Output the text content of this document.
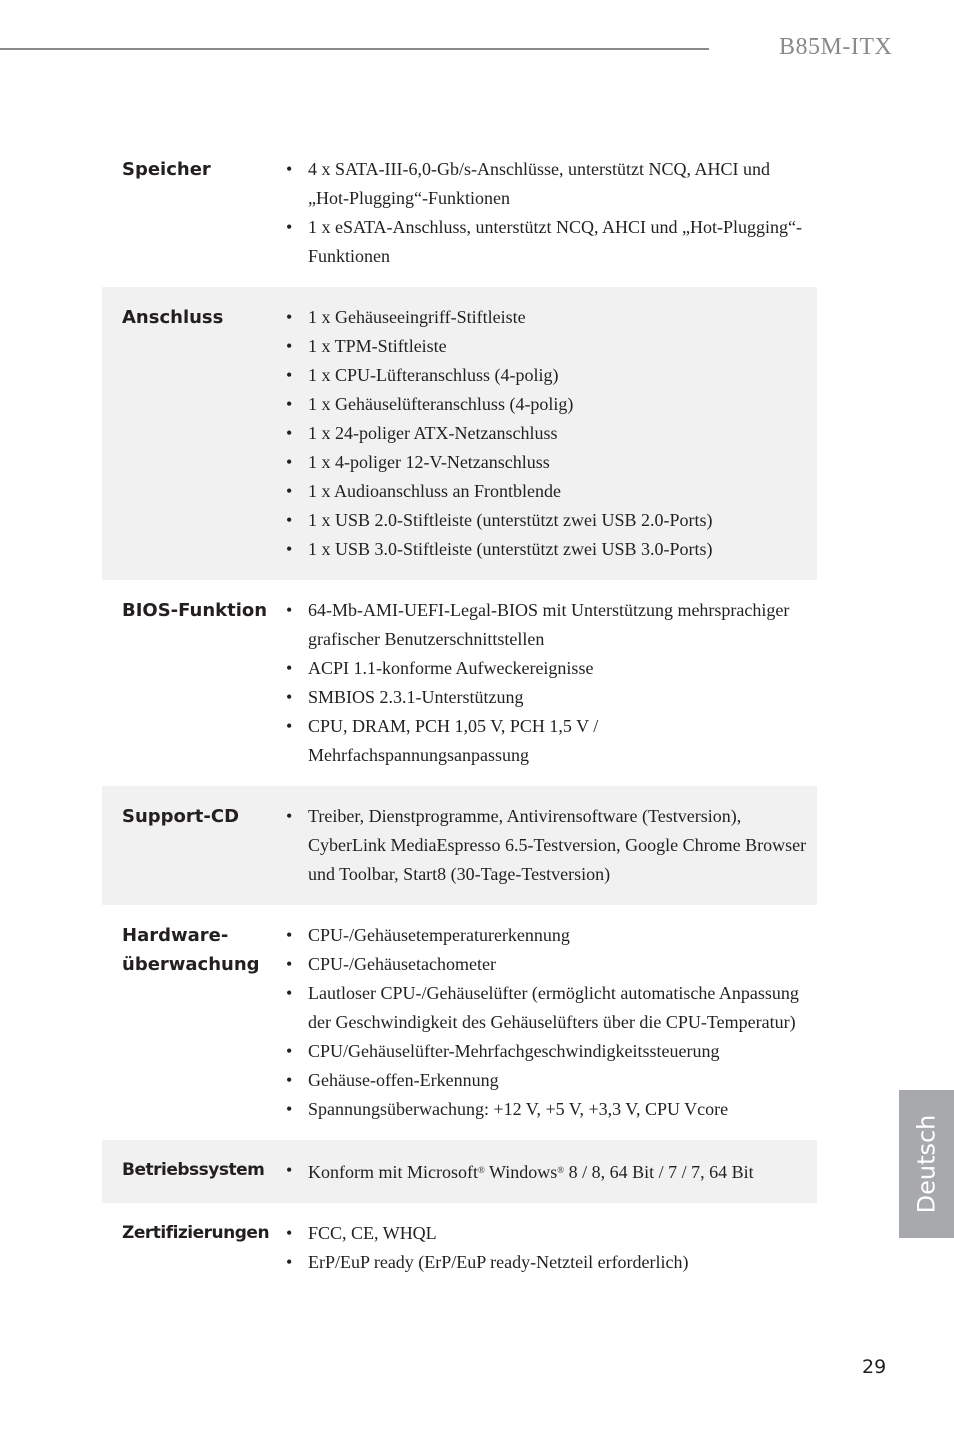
B85M-ITX
Speicher	• 4 x SATA-III-6,0-Gb/s-Anschlüsse, unterstützt NCQ, AHCI und „Hot-Plugging“-Funktionen
• 1 x eSATA-Anschluss, unterstützt NCQ, AHCI und „Hot-Plugging“-Funktionen
Anschluss	• 1 x Gehäuseeingriff-Stiftleiste
• 1 x TPM-Stiftleiste
• 1 x CPU-Lüfteranschluss (4-polig)
• 1 x Gehäuselüfteranschluss (4-polig)
• 1 x 24-poliger ATX-Netzanschluss
• 1 x 4-poliger 12-V-Netzanschluss
• 1 x Audioanschluss an Frontblende
• 1 x USB 2.0-Stiftleiste (unterstützt zwei USB 2.0-Ports)
• 1 x USB 3.0-Stiftleiste (unterstützt zwei USB 3.0-Ports)
BIOS-Funktion	• 64-Mb-AMI-UEFI-Legal-BIOS mit Unterstützung mehrsprachiger grafischer Benutzerschnittstellen
• ACPI 1.1-konforme Aufweckereignisse
• SMBIOS 2.3.1-Unterstützung
• CPU, DRAM, PCH 1,05 V, PCH 1,5 V / Mehrfachspannungsanpassung
Support-CD	• Treiber, Dienstprogramme, Antivirensoftware (Testversion), CyberLink MediaEspresso 6.5-Testversion, Google Chrome Browser und Toolbar, Start8 (30-Tage-Testversion)
Hardware-
überwachung
• CPU-/Gehäusetemperaturerkennung
• CPU-/Gehäusetachometer
• Lautloser CPU-/Gehäuselüfter (ermöglicht automatische Anpassung der Geschwindigkeit des Gehäuselüfters über die CPU-Temperatur)
• CPU/Gehäuselüfter-Mehrfachgeschwindigkeitssteuerung
• Gehäuse-offen-Erkennung
• Spannungsüberwachung: +12 V, +5 V, +3,3 V, CPU Vcore
Betriebssystem	• Konform mit Microsoft® Windows® 8 / 8, 64 Bit / 7 / 7, 64 Bit
Zertifizierungen	• FCC, CE, WHQL
• ErP/EuP ready (ErP/EuP ready-Netzteil erforderlich)
Deutsch
29
